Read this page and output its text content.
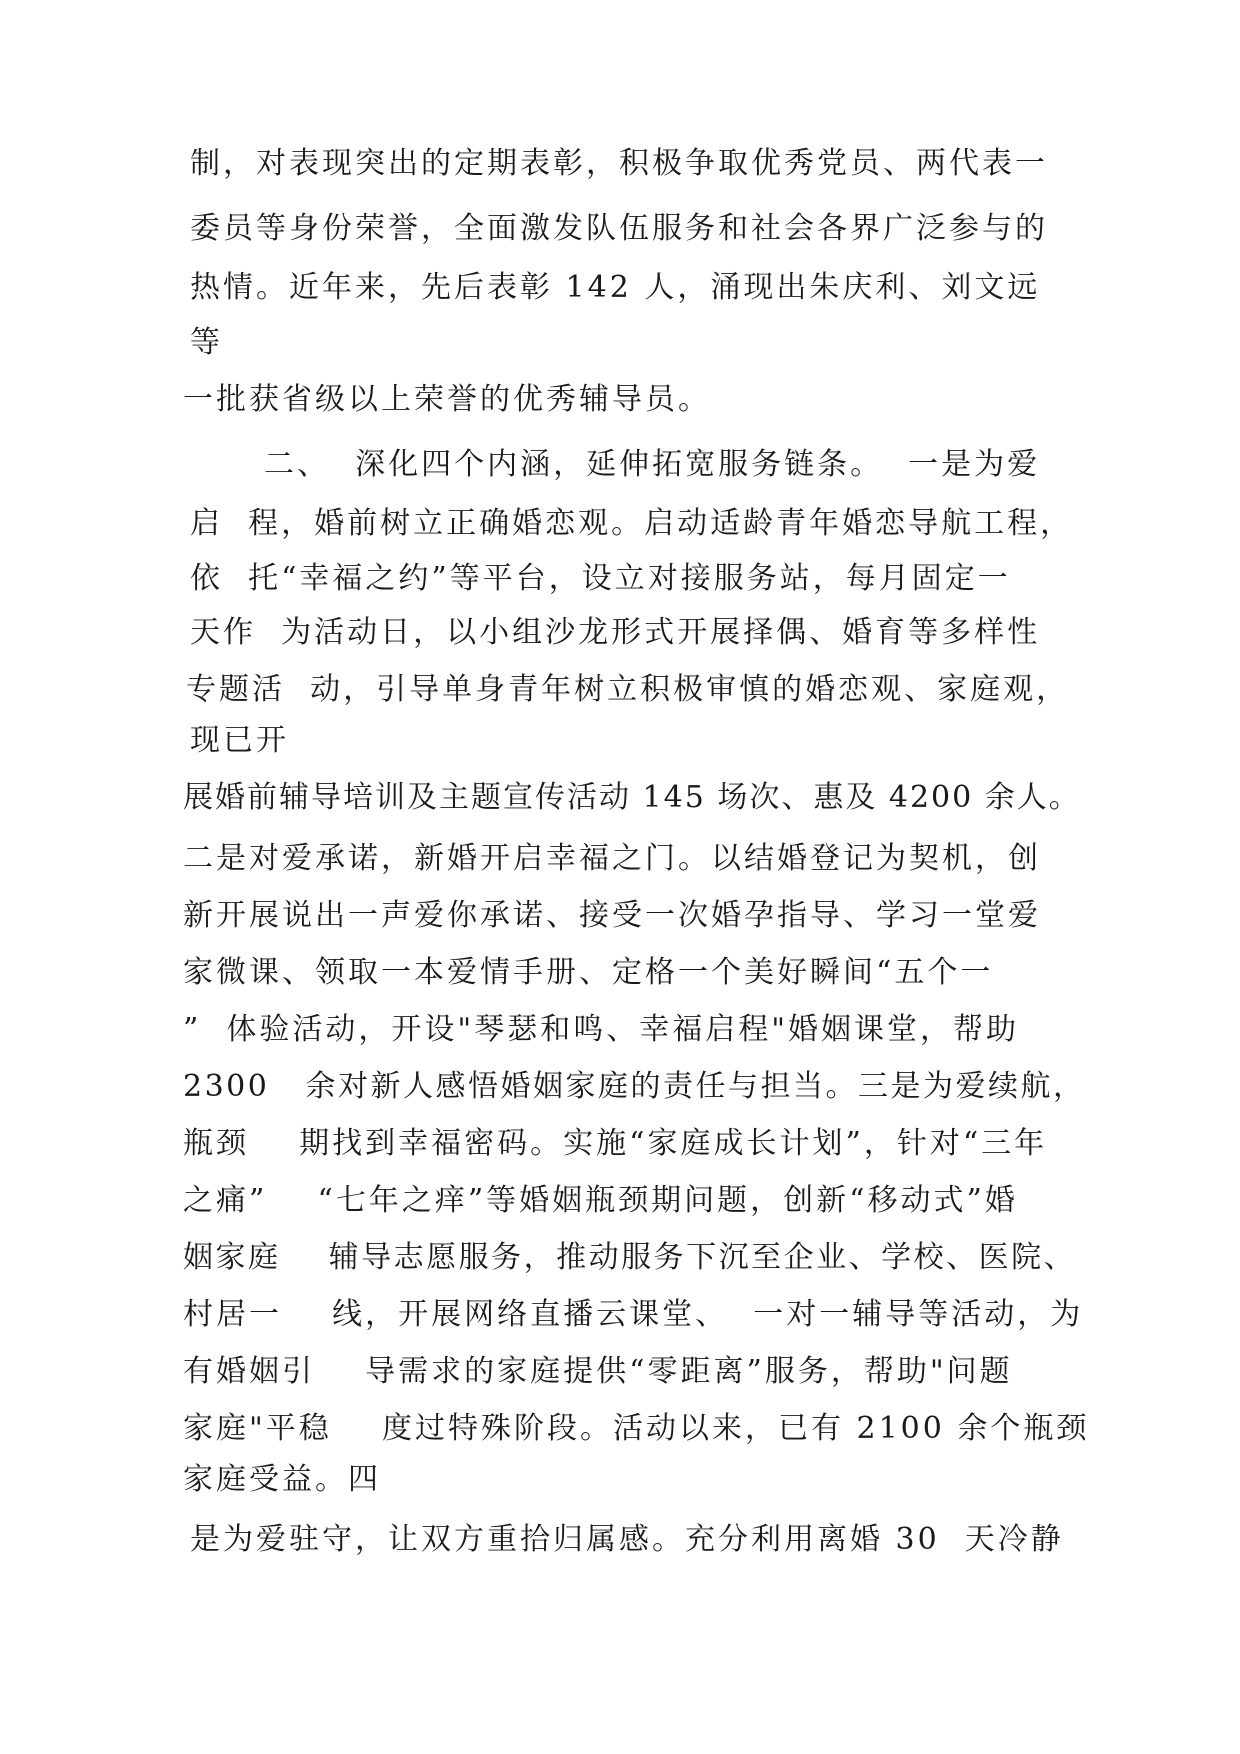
制，对表现突出的定期表彰，积极争取优秀党员、两代表一

委员等身份荣誉，全面激发队伍服务和社会各界广泛参与的

热情。近年来，先后表彰 142 人，涌现出朱庆利、刘文远

等

一批获省级以上荣誉的优秀辅导员。

二、  深化四个内涵，延伸拓宽服务链条。  一是为爱

启  程，婚前树立正确婚恋观。启动适龄青年婚恋导航工程，

依  托“幸福之约”等平台，设立对接服务站，每月固定一

天作  为活动日，以小组沙龙形式开展择偶、婚育等多样性

专题活  动，引导单身青年树立积极审慎的婚恋观、家庭观，

现已开

展婚前辅导培训及主题宣传活动 145 场次、惠及 4200 余人。

二是对爱承诺，新婚开启幸福之门。以结婚登记为契机，创

新开展说出一声爱你承诺、接受一次婚孕指导、学习一堂爱

家微课、领取一本爱情手册、定格一个美好瞬间“五个一

”  体验活动，开设"琴瑟和鸣、幸福启程"婚姻课堂，帮助

2300   余对新人感悟婚姻家庭的责任与担当。三是为爱续航，

瓶颈    期找到幸福密码。实施“家庭成长计划”，针对“三年

之痛”    “七年之痒”等婚姻瓶颈期问题，创新“移动式”婚

姻家庭    辅导志愿服务，推动服务下沉至企业、学校、医院、

村居一    线，开展网络直播云课堂、  一对一辅导等活动，为

有婚姻引    导需求的家庭提供“零距离”服务，帮助"问题

家庭"平稳    度过特殊阶段。活动以来，已有 2100 余个瓶颈

家庭受益。四

是为爱驻守，让双方重拾归属感。充分利用离婚 30  天冷静
